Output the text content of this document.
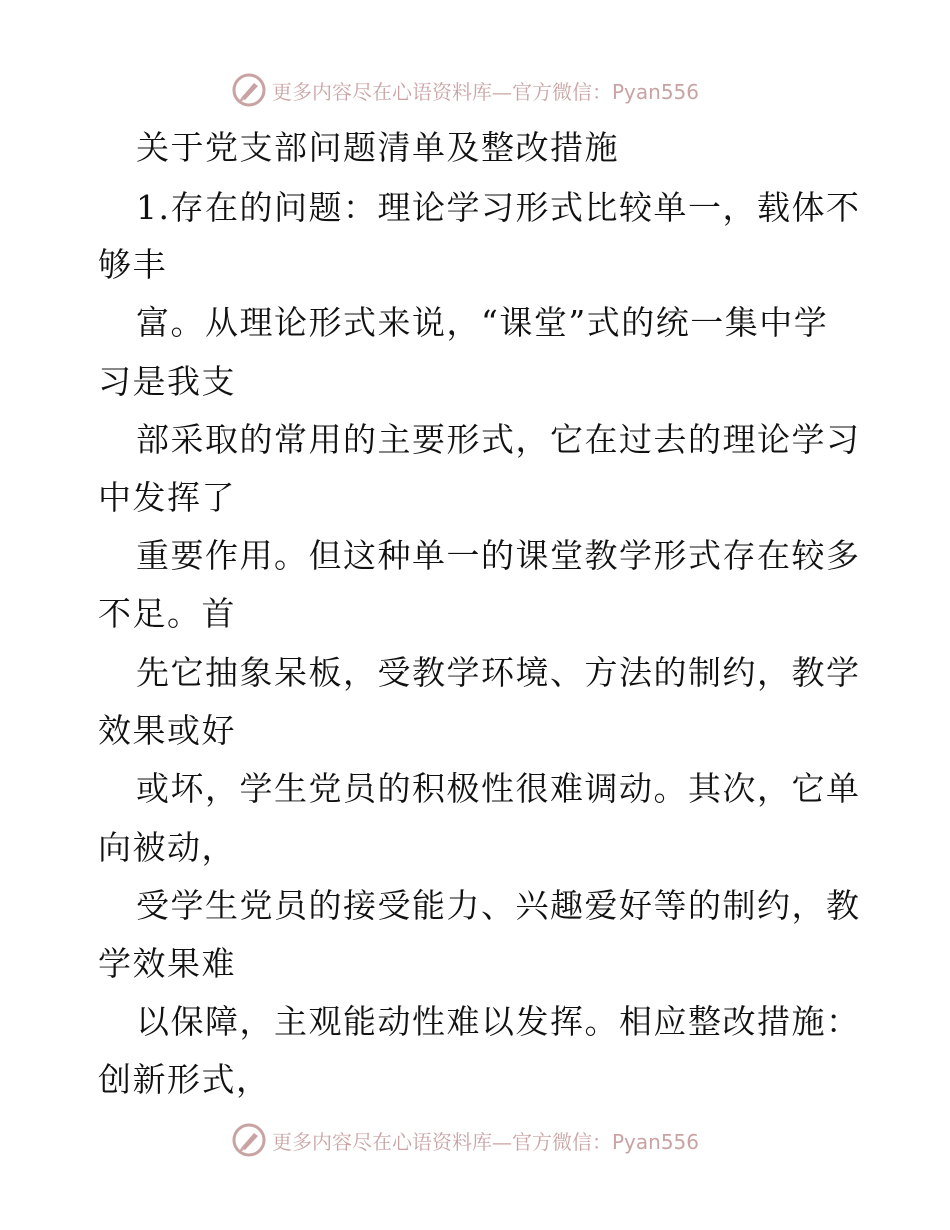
更多内容尽在心语资料库—官方微信：Pyan556
关于党支部问题清单及整改措施
1.存在的问题：理论学习形式比较单一，载体不
够丰
富。从理论形式来说，“课堂”式的统一集中学
习是我支
部采取的常用的主要形式，它在过去的理论学习
中发挥了
重要作用。但这种单一的课堂教学形式存在较多
不足。首
先它抽象呆板，受教学环境、方法的制约，教学
效果或好
或坏，学生党员的积极性很难调动。其次，它单
向被动，
受学生党员的接受能力、兴趣爱好等的制约，教
学效果难
以保障，主观能动性难以发挥。相应整改措施：
创新形式，
更多内容尽在心语资料库—官方微信：Pyan556
